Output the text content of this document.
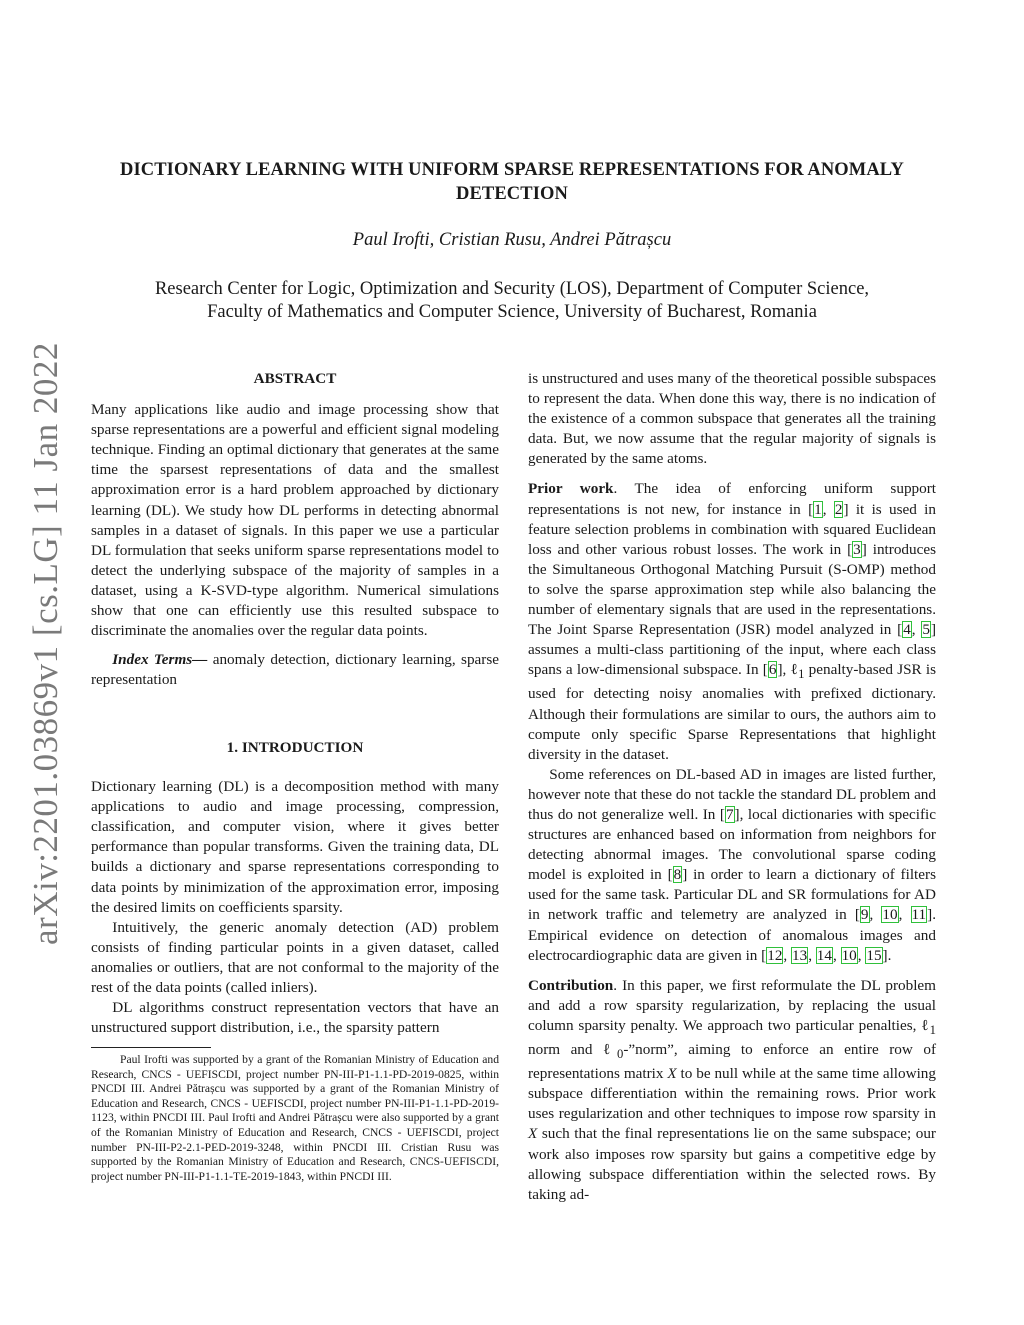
arXiv:2201.03869v1 [cs.LG] 11 Jan 2022
DICTIONARY LEARNING WITH UNIFORM SPARSE REPRESENTATIONS FOR ANOMALY
DETECTION
Paul Irofti, Cristian Rusu, Andrei Pătrașcu
Research Center for Logic, Optimization and Security (LOS), Department of Computer Science,
Faculty of Mathematics and Computer Science, University of Bucharest, Romania
ABSTRACT

Many applications like audio and image processing show that sparse representations are a powerful and efficient signal modeling technique. Finding an optimal dictionary that generates at the same time the sparsest representations of data and the smallest approximation error is a hard problem approached by dictionary learning (DL). We study how DL performs in detecting abnormal samples in a dataset of signals. In this paper we use a particular DL formulation that seeks uniform sparse representations model to detect the underlying subspace of the majority of samples in a dataset, using a K-SVD-type algorithm. Numerical simulations show that one can efficiently use this resulted subspace to discriminate the anomalies over the regular data points.

Index Terms— anomaly detection, dictionary learning, sparse representation

1. INTRODUCTION

Dictionary learning (DL) is a decomposition method with many applications to audio and image processing, compression, classification, and computer vision, where it gives better performance than popular transforms. Given the training data, DL builds a dictionary and sparse representations corresponding to data points by minimization of the approximation error, imposing the desired limits on coefficients sparsity.

Intuitively, the generic anomaly detection (AD) problem consists of finding particular points in a given dataset, called anomalies or outliers, that are not conformal to the majority of the rest of the data points (called inliers).

DL algorithms construct representation vectors that have an unstructured support distribution, i.e., the sparsity pattern

Paul Irofti was supported by a grant of the Romanian Ministry of Education and Research, CNCS - UEFISCDI, project number PN-III-P1-1.1-PD-2019-0825, within PNCDI III. Andrei Pătrașcu was supported by a grant of the Romanian Ministry of Education and Research, CNCS - UEFISCDI, project number PN-III-P1-1.1-PD-2019-1123, within PNCDI III. Paul Irofti and Andrei Pătrașcu were also supported by a grant of the Romanian Ministry of Education and Research, CNCS - UEFISCDI, project number PN-III-P2-2.1-PED-2019-3248, within PNCDI III. Cristian Rusu was supported by the Romanian Ministry of Education and Research, CNCS-UEFISCDI, project number PN-III-P1-1.1-TE-2019-1843, within PNCDI III.

is unstructured and uses many of the theoretical possible subspaces to represent the data. When done this way, there is no indication of the existence of a common subspace that generates all the training data. But, we now assume that the regular majority of signals is generated by the same atoms.

Prior work. The idea of enforcing uniform support representations is not new, for instance in [1, 2] it is used in feature selection problems in combination with squared Euclidean loss and other various robust losses. The work in [3] introduces the Simultaneous Orthogonal Matching Pursuit (S-OMP) method to solve the sparse approximation step while also balancing the number of elementary signals that are used in the representations. The Joint Sparse Representation (JSR) model analyzed in [4, 5] assumes a multi-class partitioning of the input, where each class spans a low-dimensional subspace. In [6], ℓ$_1$ penalty-based JSR is used for detecting noisy anomalies with prefixed dictionary. Although their formulations are similar to ours, the authors aim to compute only specific Sparse Representations that highlight diversity in the dataset.

Some references on DL-based AD in images are listed further, however note that these do not tackle the standard DL problem and thus do not generalize well. In [7], local dictionaries with specific structures are enhanced based on information from neighbors for detecting abnormal images. The convolutional sparse coding model is exploited in [8] in order to learn a dictionary of filters used for the same task. Particular DL and SR formulations for AD in network traffic and telemetry are analyzed in [9, 10, 11]. Empirical evidence on detection of anomalous images and electrocardiographic data are given in [12, 13, 14, 10, 15].

Contribution. In this paper, we first reformulate the DL problem and add a row sparsity regularization, by replacing the usual column sparsity penalty. We approach two particular penalties, ℓ$_1$ norm and ℓ$_0$-”norm”, aiming to enforce an entire row of representations matrix X to be null while at the same time allowing subspace differentiation within the remaining rows. Prior work uses regularization and other techniques to impose row sparsity in X such that the final representations lie on the same subspace; our work also imposes row sparsity but gains a competitive edge by allowing subspace differentiation within the selected rows. By taking ad-
